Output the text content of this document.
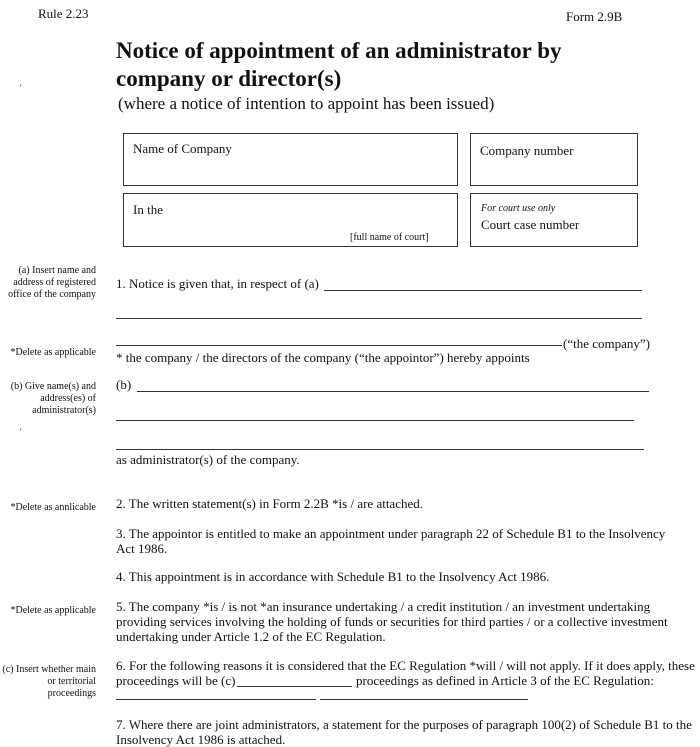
Rule 2.23	Form 2.9B
Notice of appointment of an administrator by
company or director(s)
(where a notice of intention to appoint has been issued)
'
Name of Company	Company number
In the
[full name of court]
For court use only
Court case number
(a) Insert name and address of registered office of the company
*Delete as applicable
(b) Give name(s) and address(es) of administrator(s)
'
*Delete as annlicable
*Delete as applicable
(c) Insert whether main or territorial proceedings
1. Notice is given that, in respect of (a)
(“the company”)
* the company / the directors of the company (“the appointor”) hereby appoints
(b)
as administrator(s) of the company.
2. The written statement(s) in Form 2.2B *is / are attached.
3. The appointor is entitled to make an appointment under paragraph 22 of Schedule B1 to the Insolvency Act 1986.
4. This appointment is in accordance with Schedule B1 to the Insolvency Act 1986.
5. The company *is / is not *an insurance undertaking / a credit institution / an investment undertaking providing services involving the holding of funds or securities for third parties / or a collective investment undertaking under Article 1.2 of the EC Regulation.
6. For the following reasons it is considered that the EC Regulation *will / will not apply. If it does apply, these
proceedings will be (c)	proceedings as defined in Article 3 of the EC Regulation:
7. Where there are joint administrators, a statement for the purposes of paragraph 100(2) of Schedule B1 to the Insolvency Act 1986 is attached.
